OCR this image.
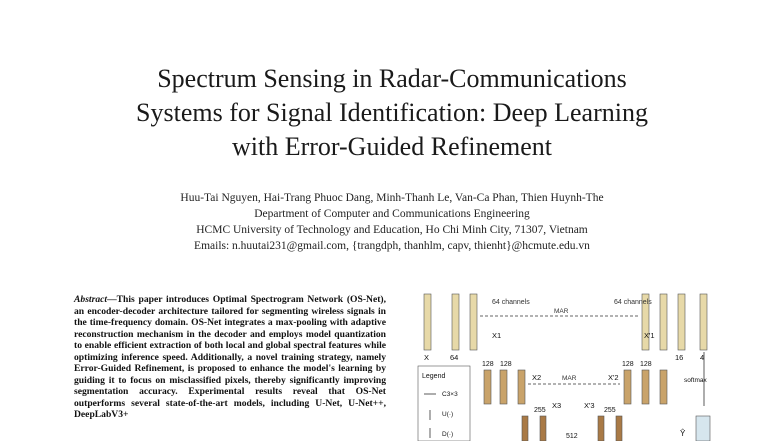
Spectrum Sensing in Radar-Communications
Systems for Signal Identification: Deep Learning
with Error-Guided Refinement
Huu-Tai Nguyen, Hai-Trang Phuoc Dang, Minh-Thanh Le, Van-Ca Phan, Thien Huynh-The
Department of Computer and Communications Engineering
HCMC University of Technology and Education, Ho Chi Minh City, 71307, Vietnam
Emails: n.huutai231@gmail.com, {trangdph, thanhlm, capv, thienht}@hcmute.edu.vn
Abstract—This paper introduces Optimal Spectrogram Network (OS-Net), an encoder-decoder architecture tailored for segmenting wireless signals in the time-frequency domain. OS-Net integrates a max-pooling with adaptive reconstruction mechanism in the decoder and employs model quantization to enable efficient extraction of both local and global spectral features while optimizing inference speed. Additionally, a novel training strategy, namely Error-Guided Refinement, is proposed to enhance the model's learning by guiding it to focus on misclassified pixels, thereby significantly improving segmentation accuracy. Experimental results reveal that OS-Net outperforms several state-of-the-art models, including U-Net, U-Net++, DeepLabV3+
64 channels	64 channels
MAR
X1	X'1
X	64	16 4
128 128	128 128
MAR
X2	X'2	softmax
255
X3	X'3
255
512
Legend
C3×3
U(·)
D(·)	Ŷ
